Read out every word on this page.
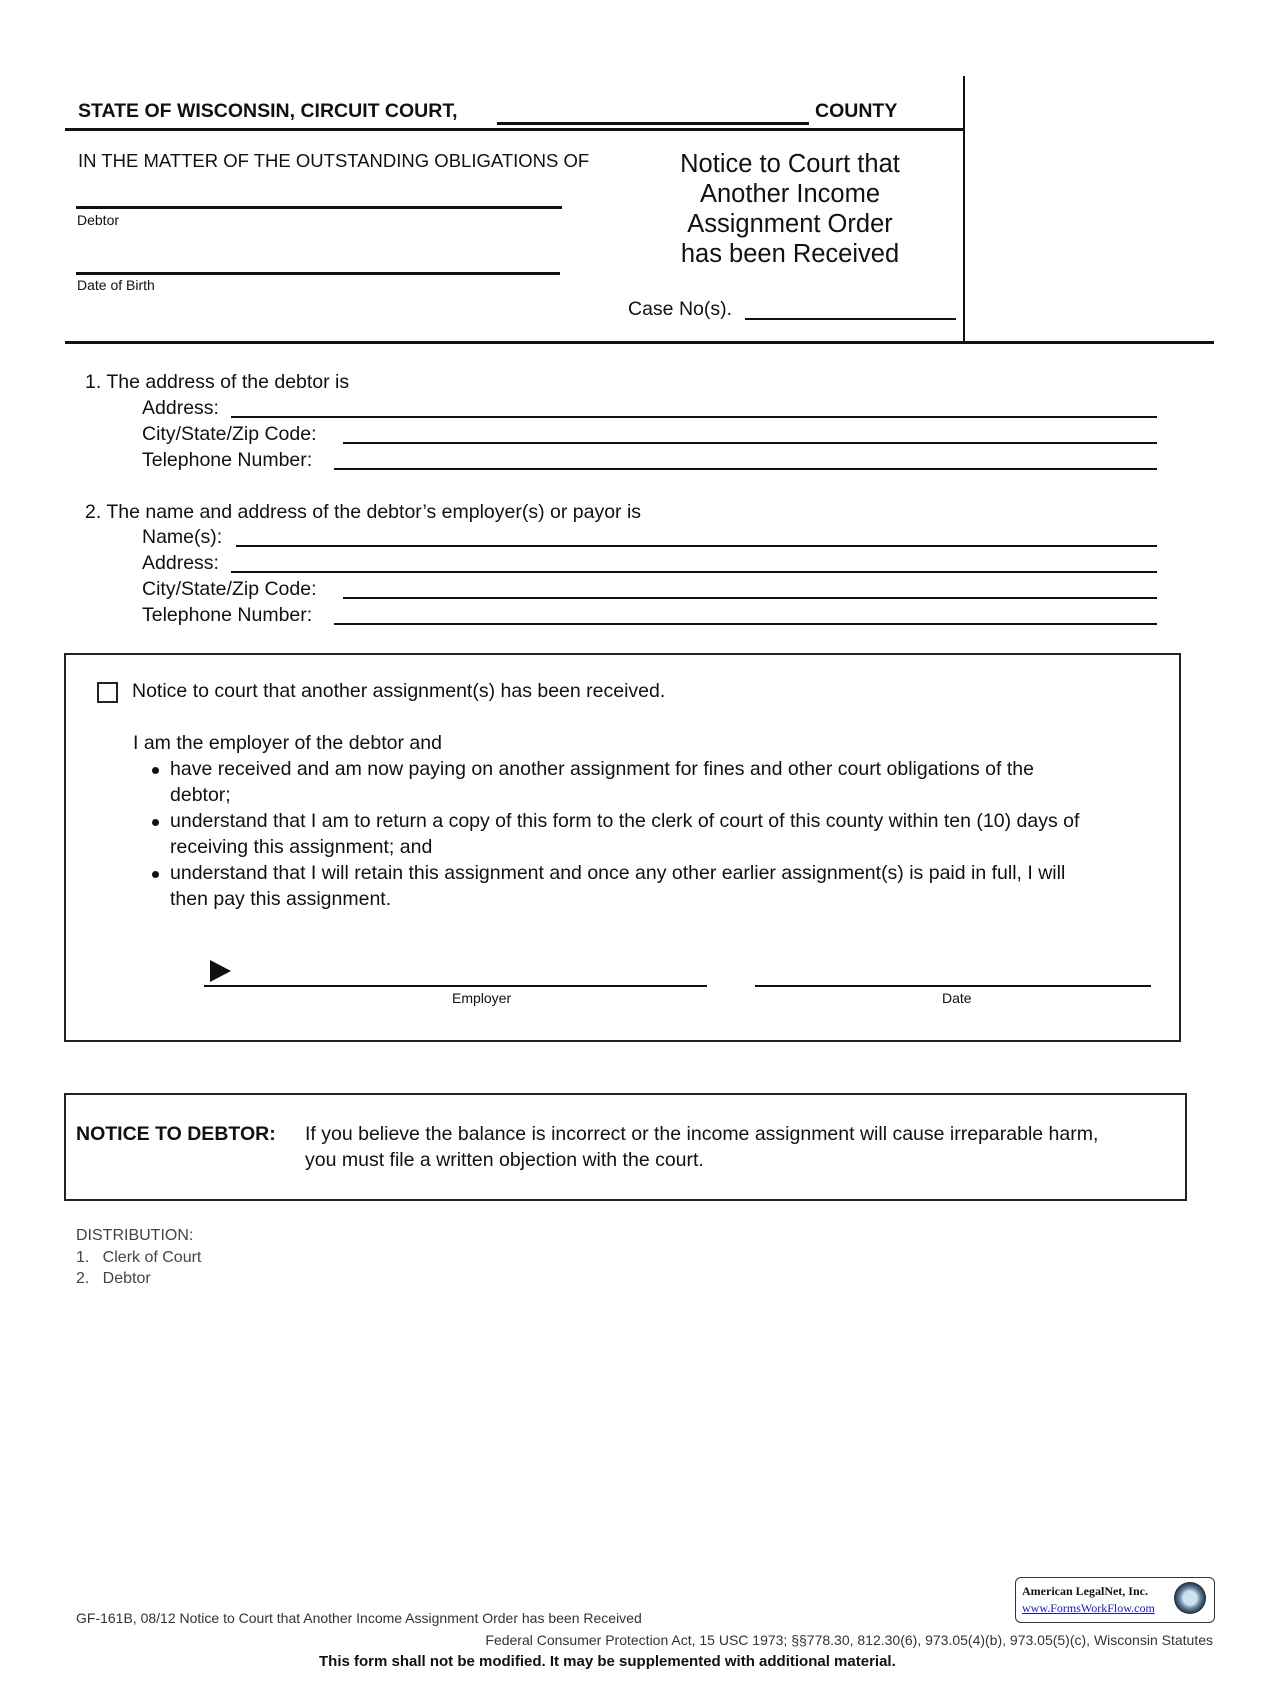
STATE OF WISCONSIN, CIRCUIT COURT,	COUNTY
IN THE MATTER OF THE OUTSTANDING OBLIGATIONS OF
Debtor
Date of Birth
Notice to Court that
Another Income
Assignment Order
has been Received
Case No(s).
1. The address of the debtor is
Address:
City/State/Zip Code:
Telephone Number:
2. The name and address of the debtor’s employer(s) or payor is
Name(s):
Address:
City/State/Zip Code:
Telephone Number:
Notice to court that another assignment(s) has been received.
I am the employer of the debtor and
have received and am now paying on another assignment for fines and other court obligations of the
debtor;
understand that I am to return a copy of this form to the clerk of court of this county within ten (10) days of
receiving this assignment; and
understand that I will retain this assignment and once any other earlier assignment(s) is paid in full, I will
then pay this assignment.
Employer	Date
NOTICE TO DEBTOR: If you believe the balance is incorrect or the income assignment will cause irreparable harm,
you must file a written objection with the court.
DISTRIBUTION:
1.   Clerk of Court
2.   Debtor
American LegalNet, Inc.
www.FormsWorkFlow.com
GF-161B, 08/12 Notice to Court that Another Income Assignment Order has been Received
Federal Consumer Protection Act, 15 USC 1973; §§778.30, 812.30(6), 973.05(4)(b), 973.05(5)(c), Wisconsin Statutes
This form shall not be modified. It may be supplemented with additional material.
